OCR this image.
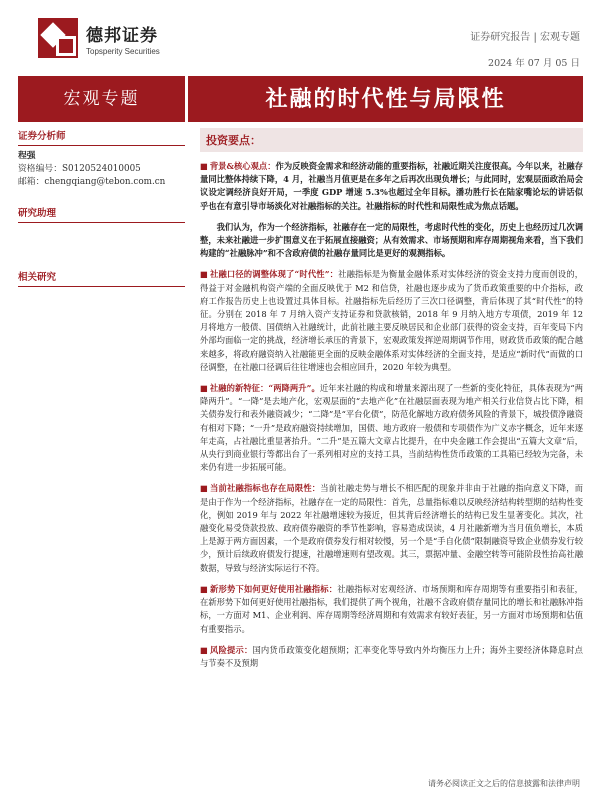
德邦证券
Topsperity Securities
证券研究报告 | 宏观专题
2024 年 07 月 05 日
宏观专题	社融的时代性与局限性
证券分析师
程强
资格编号：S0120524010005
邮箱：chengqiang@tebon.com.cn
研究助理
相关研究
投资要点：

■ 背景&核心观点：作为反映资金需求和经济动能的重要指标，社融近期关注度很高。今年以来，社融存量同比整体持续下降，4 月，社融当月值更是在多年之后再次出现负增长；与此同时，宏观层面政治局会议设定调经济良好开局，一季度 GDP 增速 5.3%也超过全年目标。潘功胜行长在陆家嘴论坛的讲话似乎也在有意引导市场淡化对社融指标的关注。社融指标的时代性和局限性成为焦点话题。

我们认为，作为一个经济指标，社融存在一定的局限性，考虑时代性的变化，历史上也经历过几次调整，未来社融进一步扩围意义在于拓展直接融资；从有效需求、市场预期和库存周期视角来看，当下我们构建的“社融脉冲”和不含政府债的社融存量同比是更好的观测指标。

■ 社融口径的调整体现了“时代性”：社融指标是为衡量金融体系对实体经济的资金支持力度而创设的，得益于对金融机构资产端的全面反映优于 M2 和信贷，社融也逐步成为了货币政策重要的中介指标，政府工作报告历史上也设置过具体目标。社融指标先后经历了三次口径调整，背后体现了其“时代性”的特征。分别在 2018 年 7 月纳入资产支持证券和贷款核销，2018 年 9 月纳入地方专项债，2019 年 12 月将地方一般债、国债纳入社融统计，此前社融主要反映居民和企业部门获得的资金支持，百年变局下内外部均面临一定的挑战，经济增长承压的背景下，宏观政策发挥逆周期调节作用，财政货币政策的配合越来越多，将政府融资纳入社融能更全面的反映金融体系对实体经济的全面支持，是适应“新时代”而做的口径调整，在社融口径调后往往增速也会相应回升，2020 年较为典型。

■ 社融的新特征：“两降两升”。近年来社融的构成和增量来源出现了一些新的变化特征，具体表现为“两降两升”。“一降”是去地产化，宏观层面的“去地产化”在社融层面表现为地产相关行业信贷占比下降，相关债券发行和表外融资减少；“二降”是“平台化债”，防范化解地方政府债务风险的背景下，城投债净融资有相对下降；“一升”是政府融资持续增加，国债、地方政府一般债和专项债作为广义赤字概念，近年来逐年走高，占社融比重显著抬升。“二升”是五篇大文章占比提升，在中央金融工作会提出“五篇大文章”后，从央行到商业银行等都出台了一系列相对应的支持工具，当前结构性货币政策的工具箱已经较为完备，未来仍有进一步拓展可能。

■ 当前社融指标也存在局限性：当前社融走势与增长不相匹配的现象并非由于社融的指向意义下降，而是由于作为一个经济指标，社融存在一定的局限性：首先，总量指标难以反映经济结构转型期的结构性变化，例如 2019 年与 2022 年社融增速较为接近，但其背后经济增长的结构已发生显著变化。其次，社融变化易受贷款投放、政府债券融资的季节性影响，容易造成误读，4 月社融新增为当月值负增长，本质上是源于两方面因素，一个是政府债券发行相对较慢，另一个是“手自化债”限制融资导致企业债券发行较少，预计后续政府债发行提速，社融增速则有望改观。其三，票据冲量、金融空转等可能阶段性抬高社融数据，导致与经济实际运行不符。

■ 新形势下如何更好使用社融指标：社融指标对宏观经济、市场预期和库存周期等有重要指引和表征，在新形势下如何更好使用社融指标，我们提供了两个视角，社融不含政府债存量同比的增长和社融脉冲指标，一方面对 M1、企业利润、库存周期等经济周期和有效需求有较好表征，另一方面对市场预期和估值有重要指示。

■ 风险提示：国内货币政策变化超预期；汇率变化等导致内外均衡压力上升；海外主要经济体降息时点与节奏不及预期

请务必阅读正文之后的信息披露和法律声明
